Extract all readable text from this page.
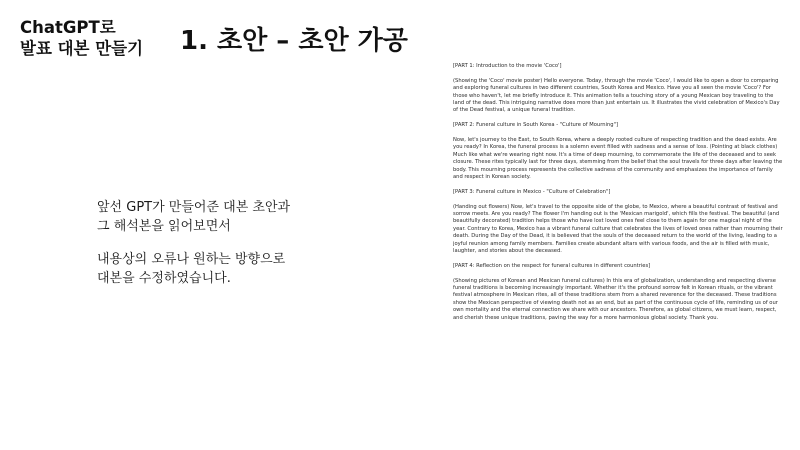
ChatGPT로
발표 대본 만들기	1. 초안 – 초안 가공
앞선 GPT가 만들어준 대본 초안과
그 해석본을 읽어보면서
내용상의 오류나 원하는 방향으로
대본을 수정하였습니다.
[PART 1: Introduction to the movie 'Coco']
(Showing the 'Coco' movie poster) Hello everyone. Today, through the movie 'Coco', I would like to open a door to comparing and exploring funeral cultures in two different countries, South Korea and Mexico. Have you all seen the movie 'Coco'? For those who haven't, let me briefly introduce it. This animation tells a touching story of a young Mexican boy traveling to the land of the dead. This intriguing narrative does more than just entertain us. It illustrates the vivid celebration of Mexico's Day of the Dead festival, a unique funeral tradition.
[PART 2: Funeral culture in South Korea - "Culture of Mourning"]
Now, let's journey to the East, to South Korea, where a deeply rooted culture of respecting tradition and the dead exists. Are you ready? In Korea, the funeral process is a solemn event filled with sadness and a sense of loss. (Pointing at black clothes) Much like what we're wearing right now. It's a time of deep mourning, to commemorate the life of the deceased and to seek closure. These rites typically last for three days, stemming from the belief that the soul travels for three days after leaving the body. This mourning process represents the collective sadness of the community and emphasizes the importance of family and respect in Korean society.
[PART 3: Funeral culture in Mexico - "Culture of Celebration"]
(Handing out flowers) Now, let's travel to the opposite side of the globe, to Mexico, where a beautiful contrast of festival and sorrow meets. Are you ready? The flower I'm handing out is the 'Mexican marigold', which fills the festival. The beautiful (and beautifully decorated) tradition helps those who have lost loved ones feel close to them again for one magical night of the year. Contrary to Korea, Mexico has a vibrant funeral culture that celebrates the lives of loved ones rather than mourning their death. During the Day of the Dead, it is believed that the souls of the deceased return to the world of the living, leading to a joyful reunion among family members. Families create abundant altars with various foods, and the air is filled with music, laughter, and stories about the deceased.
[PART 4: Reflection on the respect for funeral cultures in different countries]
(Showing pictures of Korean and Mexican funeral cultures) In this era of globalization, understanding and respecting diverse funeral traditions is becoming increasingly important. Whether it's the profound sorrow felt in Korean rituals, or the vibrant festival atmosphere in Mexican rites, all of these traditions stem from a shared reverence for the deceased. These traditions show the Mexican perspective of viewing death not as an end, but as part of the continuous cycle of life, reminding us of our own mortality and the eternal connection we share with our ancestors. Therefore, as global citizens, we must learn, respect, and cherish these unique traditions, paving the way for a more harmonious global society. Thank you.
